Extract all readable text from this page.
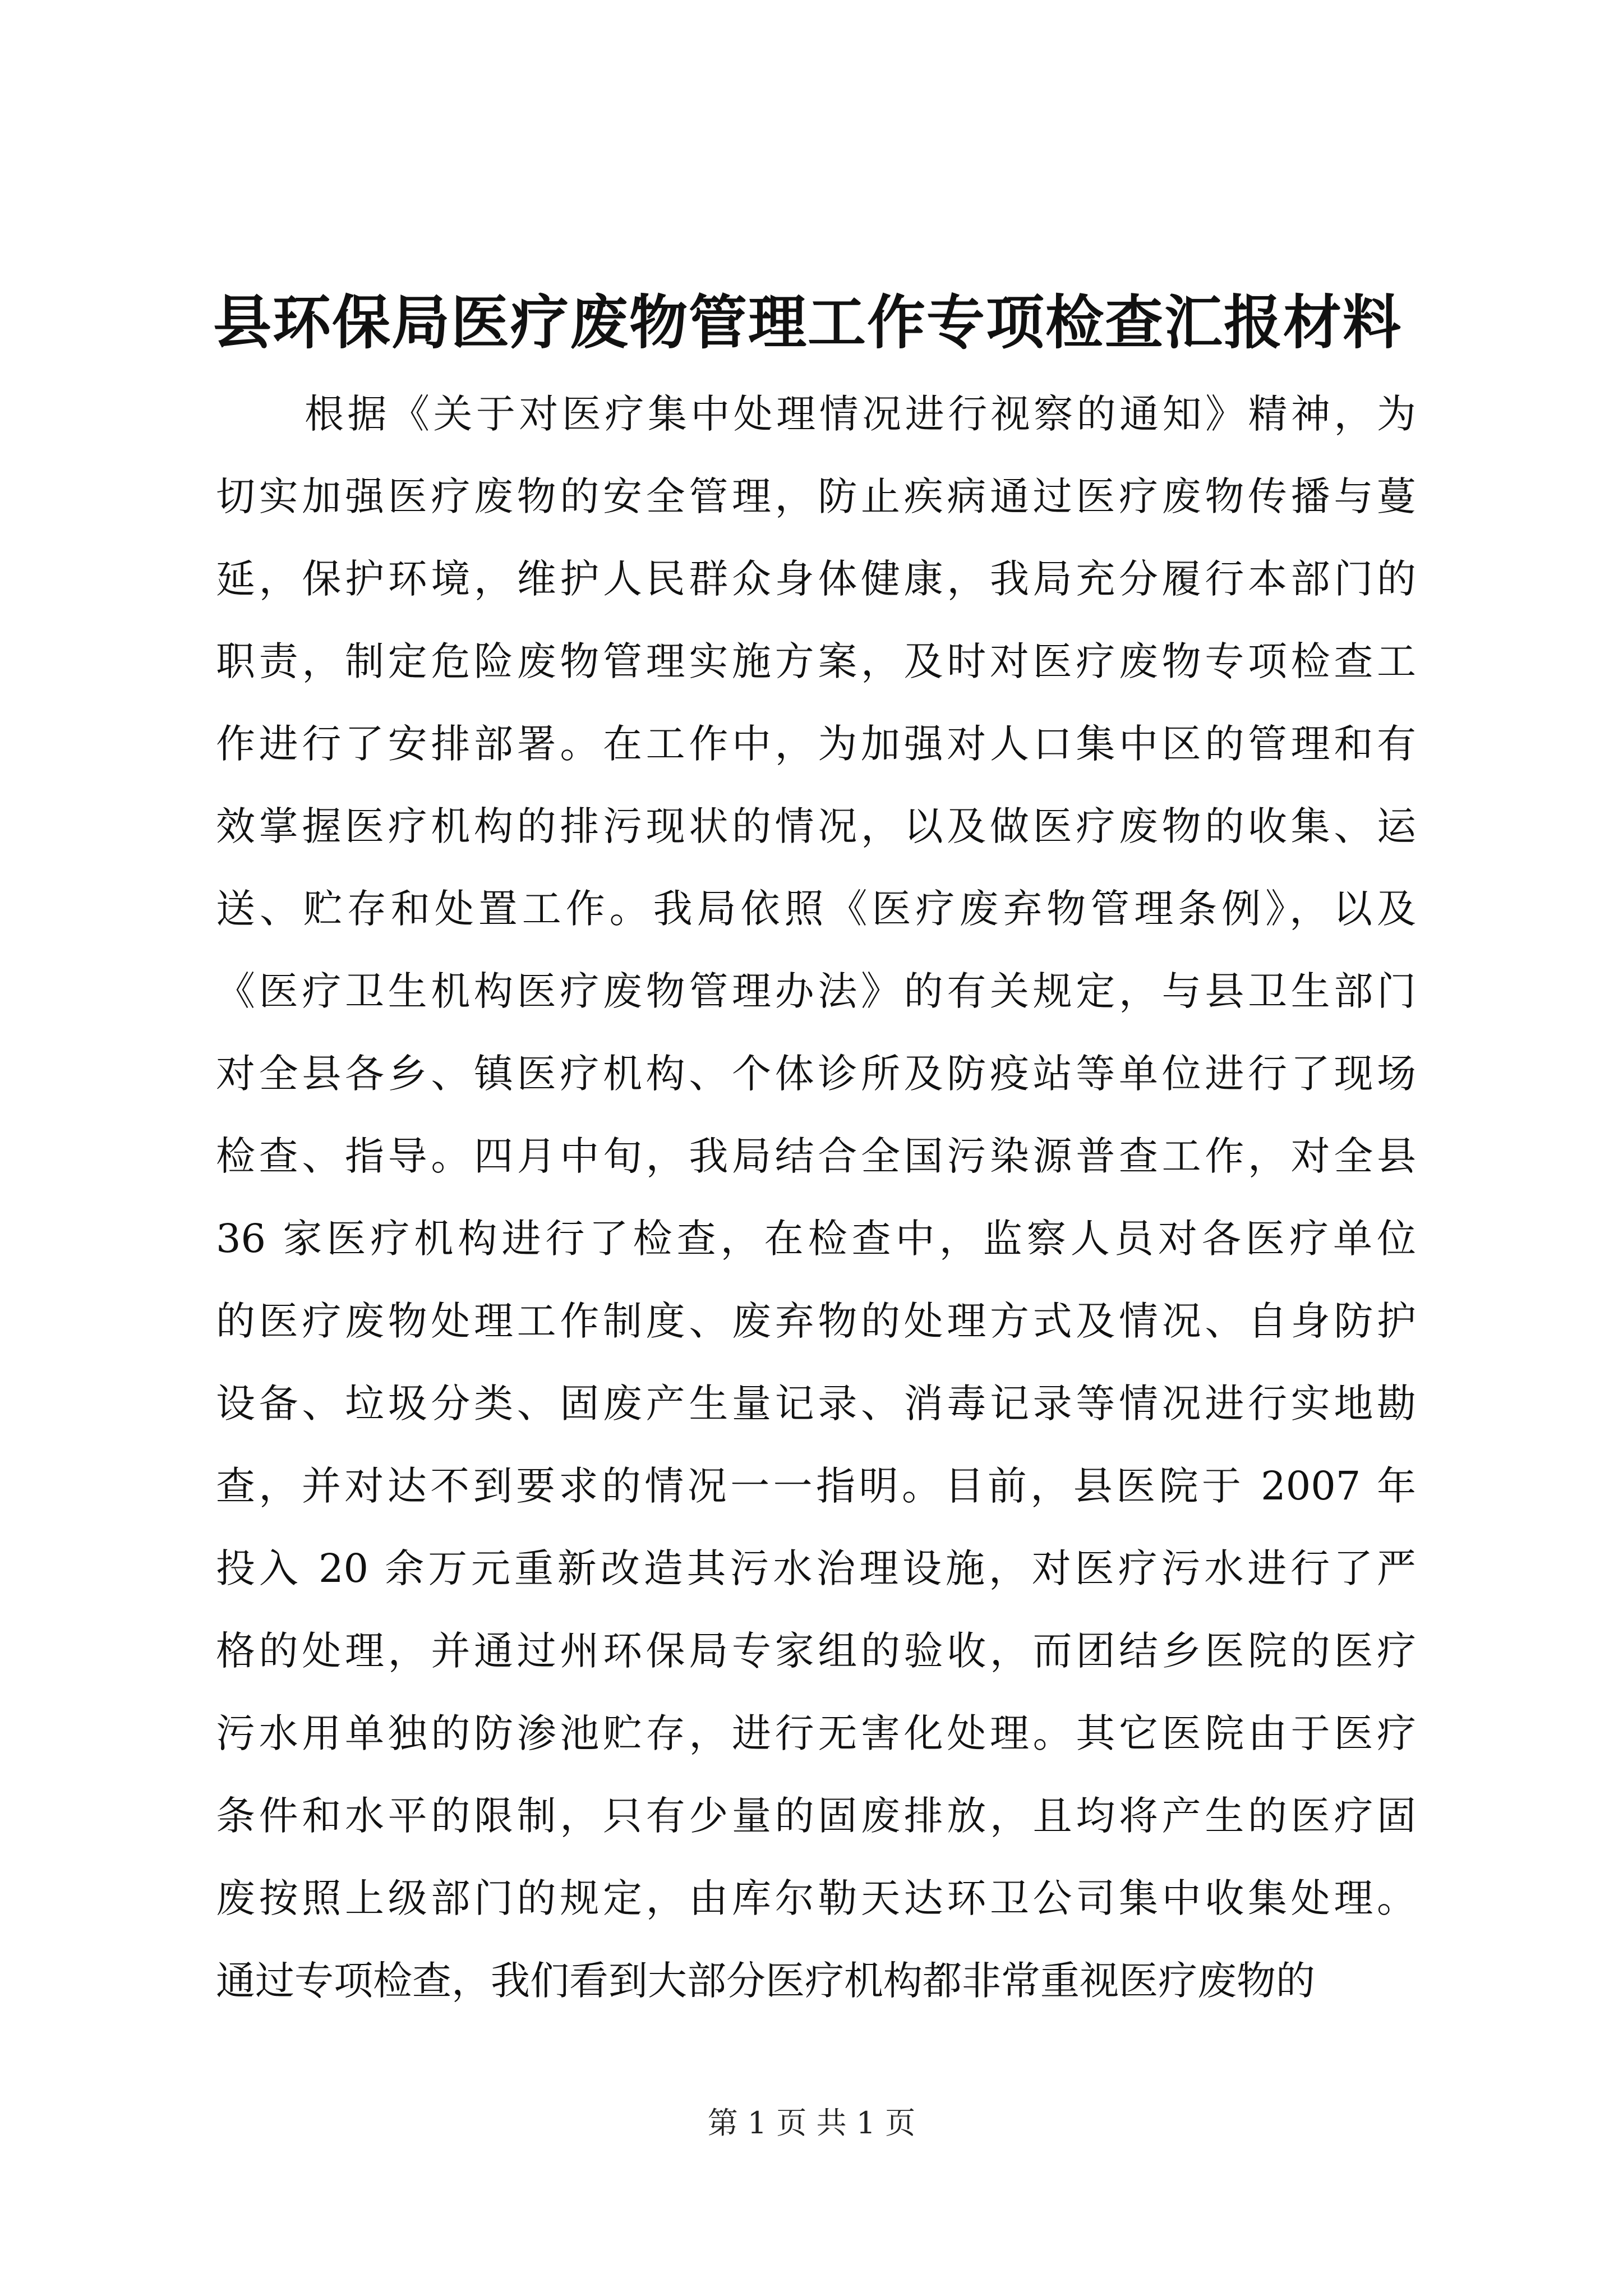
县环保局医疗废物管理工作专项检查汇报材料
根据《关于对医疗集中处理情况进行视察的通知》精神，为
切实加强医疗废物的安全管理，防止疾病通过医疗废物传播与蔓
延，保护环境，维护人民群众身体健康，我局充分履行本部门的
职责，制定危险废物管理实施方案，及时对医疗废物专项检查工
作进行了安排部署。在工作中，为加强对人口集中区的管理和有
效掌握医疗机构的排污现状的情况，以及做医疗废物的收集、运
送、贮存和处置工作。我局依照《医疗废弃物管理条例》，以及
《医疗卫生机构医疗废物管理办法》的有关规定，与县卫生部门
对全县各乡、镇医疗机构、个体诊所及防疫站等单位进行了现场
检查、指导。四月中旬，我局结合全国污染源普查工作，对全县
36 家医疗机构进行了检查，在检查中，监察人员对各医疗单位
的医疗废物处理工作制度、废弃物的处理方式及情况、自身防护
设备、垃圾分类、固废产生量记录、消毒记录等情况进行实地勘
查，并对达不到要求的情况一一指明。目前，县医院于 2007 年
投入 20 余万元重新改造其污水治理设施，对医疗污水进行了严
格的处理，并通过州环保局专家组的验收，而团结乡医院的医疗
污水用单独的防渗池贮存，进行无害化处理。其它医院由于医疗
条件和水平的限制，只有少量的固废排放，且均将产生的医疗固
废按照上级部门的规定，由库尔勒天达环卫公司集中收集处理。
通过专项检查，我们看到大部分医疗机构都非常重视医疗废物的
第 1 页 共 1 页
